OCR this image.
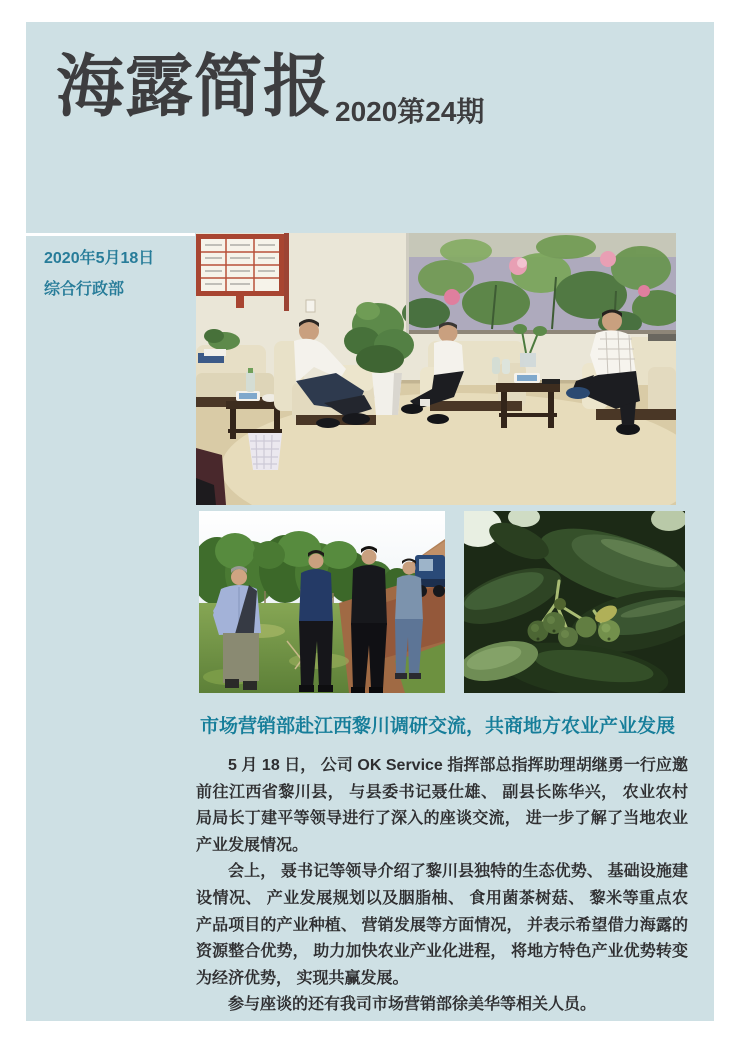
海露简报 2020第24期
2020年5月18日
综合行政部
市场营销部赴江西黎川调研交流，共商地方农业产业发展

5 月 18 日， 公司 OK Service 指挥部总指挥助理胡继勇一行应邀前往江西省黎川县， 与县委书记聂仕雄、 副县长陈华兴， 农业农村局局长丁建平等领导进行了深入的座谈交流， 进一步了解了当地农业产业发展情况。

会上， 聂书记等领导介绍了黎川县独特的生态优势、 基础设施建设情况、 产业发展规划以及胭脂柚、 食用菌茶树菇、 黎米等重点农产品项目的产业种植、 营销发展等方面情况， 并表示希望借力海露的资源整合优势， 助力加快农业产业化进程， 将地方特色产业优势转变为经济优势， 实现共赢发展。

参与座谈的还有我司市场营销部徐美华等相关人员。
